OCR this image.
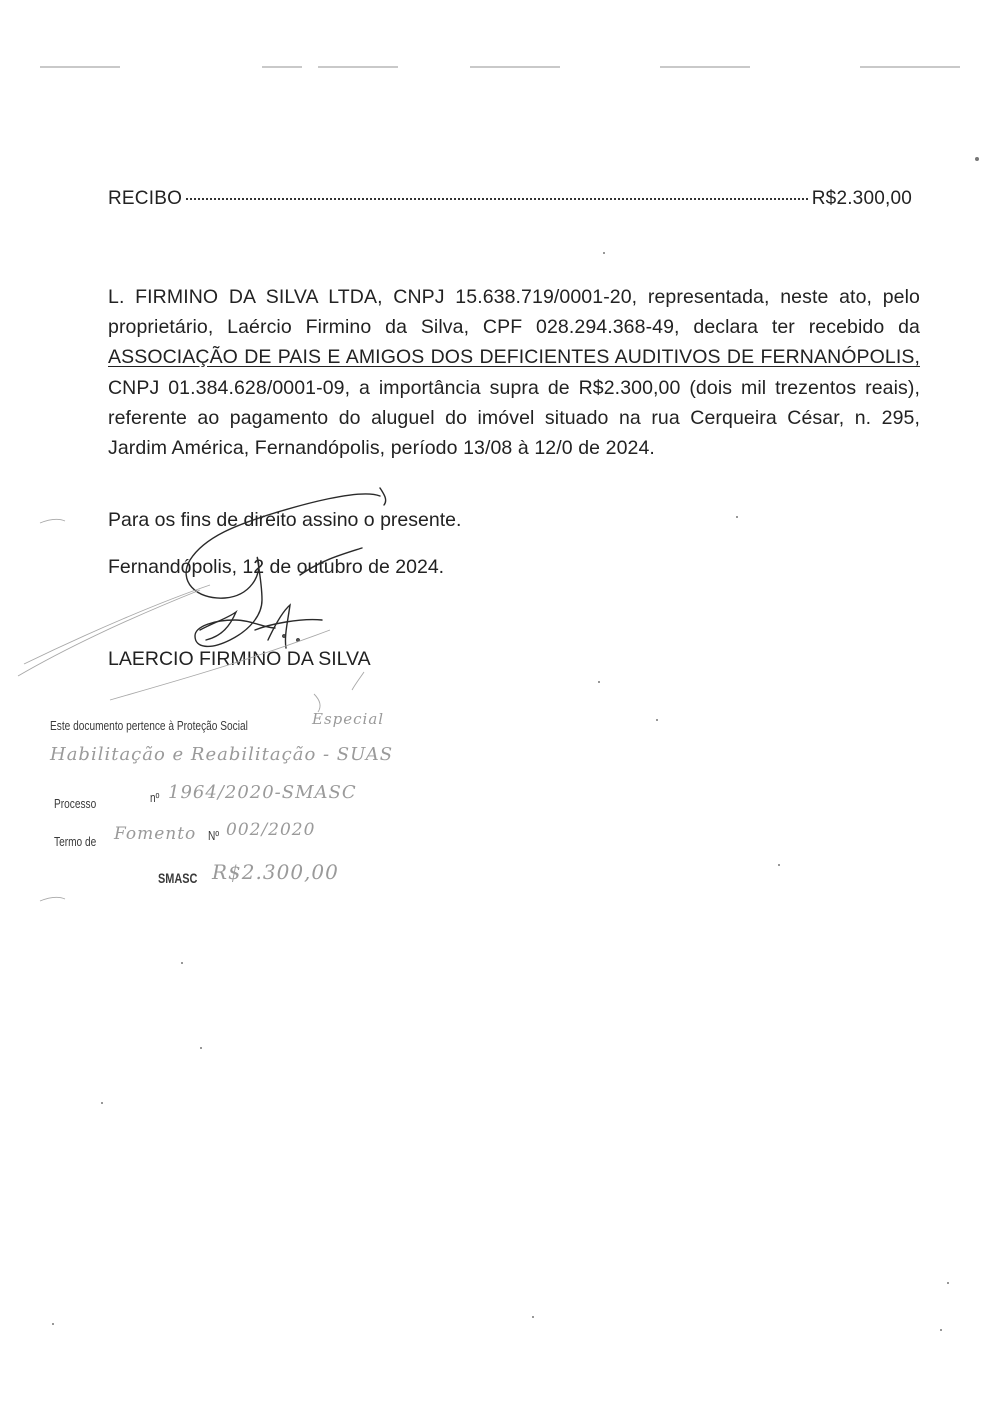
RECIBO	R$2.300,00
L. FIRMINO DA SILVA LTDA, CNPJ 15.638.719/0001-20, representada, neste ato, pelo proprietário, Laércio Firmino da Silva, CPF 028.294.368-49, declara ter recebido da ASSOCIAÇÃO DE PAIS E AMIGOS DOS DEFICIENTES AUDITIVOS DE FERNANÓPOLIS, CNPJ 01.384.628/0001-09, a importância supra de R$2.300,00 (dois mil trezentos reais), referente ao pagamento do aluguel do imóvel situado na rua Cerqueira César, n. 295, Jardim América, Fernandópolis, período 13/08 à 12/0 de 2024.
Para os fins de direito assino o presente.
Fernandópolis, 12 de outubro de 2024.
LAERCIO FIRMINO DA SILVA
Este documento pertence à Proteção Social	Especial
Habilitação e Reabilitação - SUAS
Processo	nº 1964/2020-SMASC
Termo de Fomento Nº 002/2020
SMASC R$2.300,00
